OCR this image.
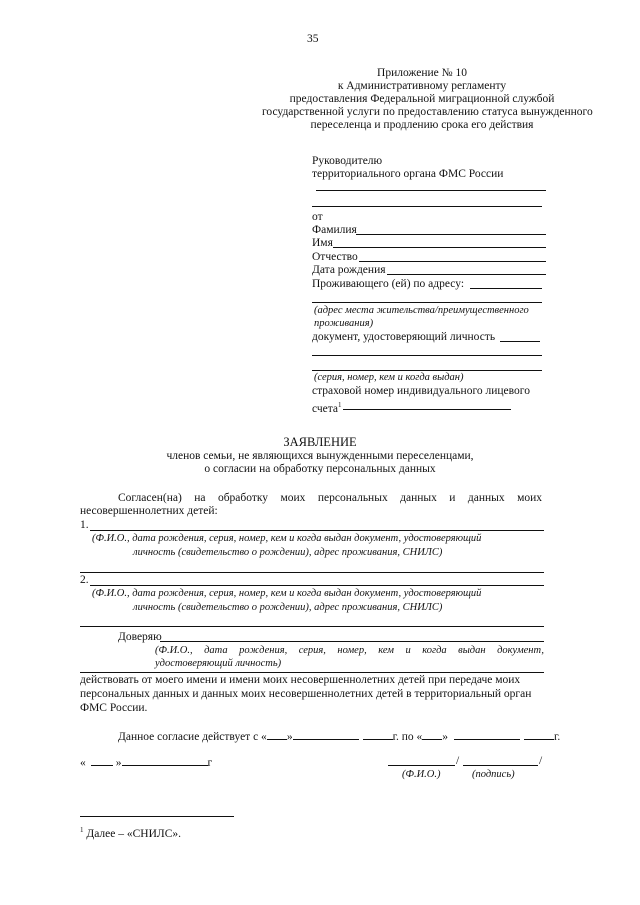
35
Приложение № 10
к Административному регламенту
предоставления Федеральной миграционной службой
государственной услуги по предоставлению статуса вынужденного
переселенца и продлению срока его действия
Руководителю
территориального органа ФМС России
от
Фамилия
Имя
Отчество
Дата рождения
Проживающего (ей) по адресу:
(адрес места жительства/преимущественного
проживания)
документ, удостоверяющий личность
(серия, номер, кем и когда выдан)
страховой номер индивидуального лицевого
счета$^1$
ЗАЯВЛЕНИЕ
членов семьи, не являющихся вынужденными переселенцами,
о согласии на обработку персональных данных
Согласен(на) на обработку моих персональных данных и данных моих
несовершеннолетних детей:
1.
(Ф.И.О., дата рождения, серия, номер, кем и когда выдан документ, удостоверяющий
личность (свидетельство о рождении), адрес проживания, СНИЛС)
2.
(Ф.И.О., дата рождения, серия, номер, кем и когда выдан документ, удостоверяющий
личность (свидетельство о рождении), адрес проживания, СНИЛС)
Доверяю
(Ф.И.О., дата рождения, серия, номер, кем и когда выдан документ,
удостоверяющий личность)
действовать от моего имени и имени моих несовершеннолетних детей при передаче моих
персональных данных и данных моих несовершеннолетних детей в территориальный орган
ФМС России.
Данное согласие действует с « »	г. по « »	г.
«	»	г	/	/
(Ф.И.О.)	(подпись)
$^1$ Далее – «СНИЛС».
